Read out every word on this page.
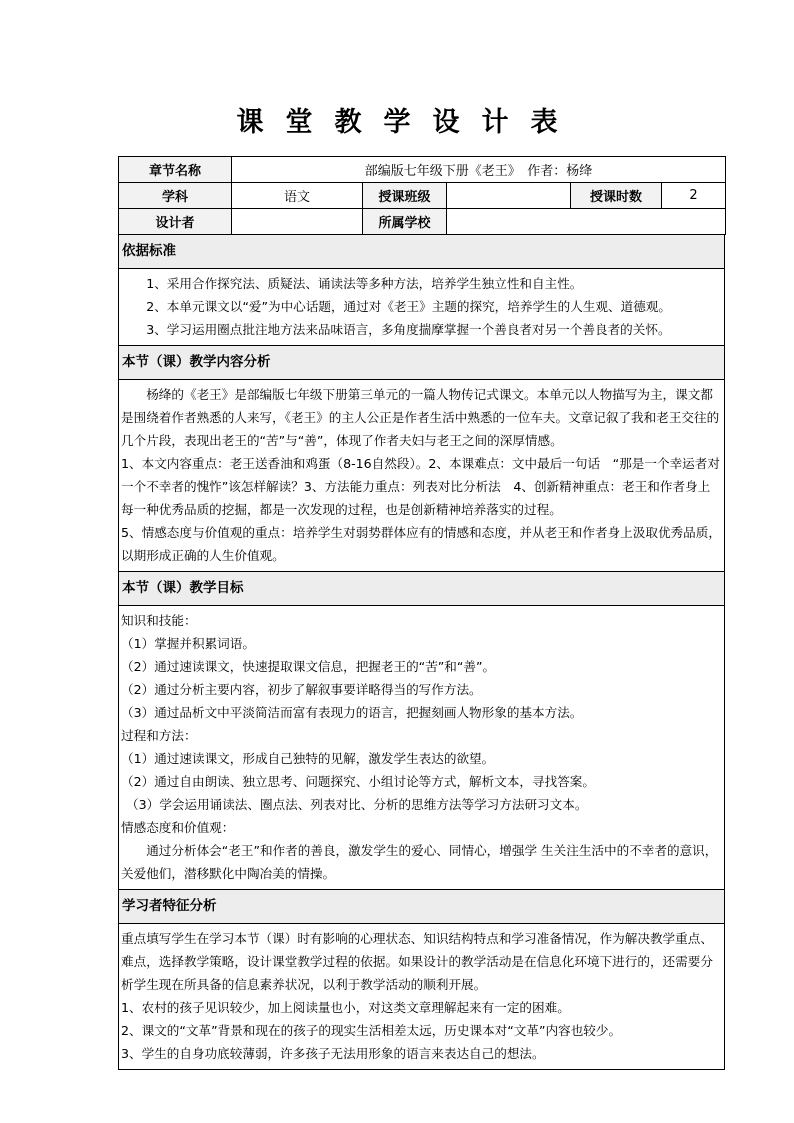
课堂教学设计表
章节名称	部编版七年级下册《老王》　作者：杨绛				
学科	语文	授课班级		授课时数	2
设计者		所属学校			
依据标准

1、采用合作探究法、质疑法、诵读法等多种方法，培养学生独立性和自主性。

2、本单元课文以“爱”为中心话题，通过对《老王》主题的探究，培养学生的人生观、道德观。

3、学习运用圈点批注地方法来品味语言，多角度揣摩掌握一个善良者对另一个善良者的关怀。

本节（课）教学内容分析

杨绛的《老王》是部编版七年级下册第三单元的一篇人物传记式课文。本单元以人物描写为主，课文都是围绕着作者熟悉的人来写，《老王》的主人公正是作者生活中熟悉的一位车夫。文章记叙了我和老王交往的几个片段，表现出老王的“苦”与“善”，体现了作者夫妇与老王之间的深厚情感。

1、本文内容重点：老王送香油和鸡蛋（8-16自然段）。2、本课难点：文中最后一句话　“那是一个幸运者对一个不幸者的愧怍”该怎样解读？3、方法能力重点：列表对比分析法　4、创新精神重点：老王和作者身上每一种优秀品质的挖掘，都是一次发现的过程，也是创新精神培养落实的过程。

5、情感态度与价值观的重点：培养学生对弱势群体应有的情感和态度，并从老王和作者身上汲取优秀品质，以期形成正确的人生价值观。

本节（课）教学目标

知识和技能：

（1）掌握并积累词语。

（2）通过速读课文，快速提取课文信息，把握老王的“苦”和“善”。

（2）通过分析主要内容，初步了解叙事要详略得当的写作方法。

（3）通过品析文中平淡简洁而富有表现力的语言，把握刻画人物形象的基本方法。

过程和方法：

（1）通过速读课文，形成自己独特的见解，激发学生表达的欲望。

（2）通过自由朗读、独立思考、问题探究、小组讨论等方式，解析文本，寻找答案。

（3）学会运用诵读法、圈点法、列表对比、分析的思维方法等学习方法研习文本。

情感态度和价值观：

通过分析体会“老王”和作者的善良，激发学生的爱心、同情心，增强学 生关注生活中的不幸者的意识，关爱他们，潜移默化中陶冶美的情操。

学习者特征分析

重点填写学生在学习本节（课）时有影响的心理状态、知识结构特点和学习准备情况，作为解决教学重点、难点，选择教学策略，设计课堂教学过程的依据。如果设计的教学活动是在信息化环境下进行的，还需要分析学生现在所具备的信息素养状况，以利于教学活动的顺利开展。

1、农村的孩子见识较少，加上阅读量也小，对这类文章理解起来有一定的困难。

2、课文的“文革”背景和现在的孩子的现实生活相差太远，历史课本对“文革”内容也较少。

3、学生的自身功底较薄弱，许多孩子无法用形象的语言来表达自己的想法。
